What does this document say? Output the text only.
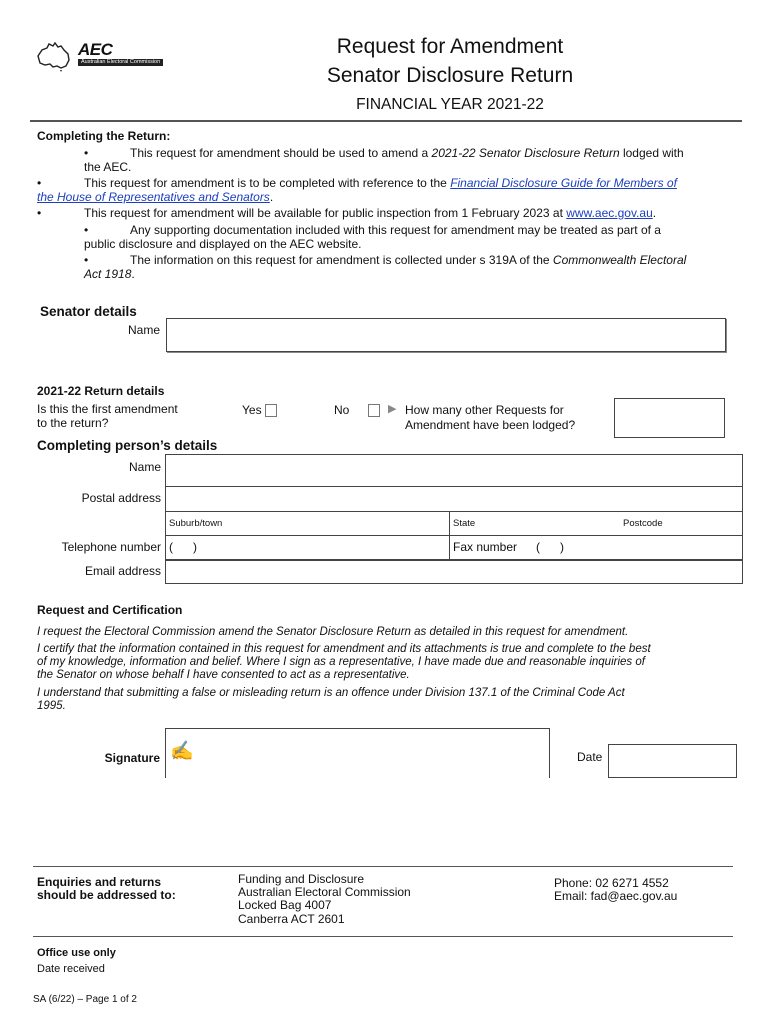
AEC
Australian Electoral Commission
Request for Amendment
Senator Disclosure Return
FINANCIAL YEAR 2021-22
Completing the Return:
•	This request for amendment should be used to amend a 2021-22 Senator Disclosure Return lodged with
the AEC.
•	This request for amendment is to be completed with reference to the Financial Disclosure Guide for Members of
the House of Representatives and Senators.
•	This request for amendment will be available for public inspection from 1 February 2023 at www.aec.gov.au.
•	Any supporting documentation included with this request for amendment may be treated as part of a
public disclosure and displayed on the AEC website.
•	The information on this request for amendment is collected under s 319A of the Commonwealth Electoral
Act 1918.
Senator details
Name
2021-22 Return details
Is this the first amendment
to the return?
Yes	No	▶ How many other Requests for
Amendment have been lodged?
Completing person’s details
Name
Postal address
Suburb/town	State	Postcode
Telephone number (      )	Fax number (      )
Email address
Request and Certification
I request the Electoral Commission amend the Senator Disclosure Return as detailed in this request for amendment.
I certify that the information contained in this request for amendment and its attachments is true and complete to the best
of my knowledge, information and belief. Where I sign as a representative, I have made due and reasonable inquiries of
the Senator on whose behalf I have consented to act as a representative.
I understand that submitting a false or misleading return is an offence under Division 137.1 of the Criminal Code Act
1995.
Signature ✍	Date
Enquiries and returns
should be addressed to:
Funding and Disclosure
Australian Electoral Commission
Locked Bag 4007
Canberra ACT 2601
Phone: 02 6271 4552
Email: fad@aec.gov.au
Office use only
Date received
SA (6/22) – Page 1 of 2
